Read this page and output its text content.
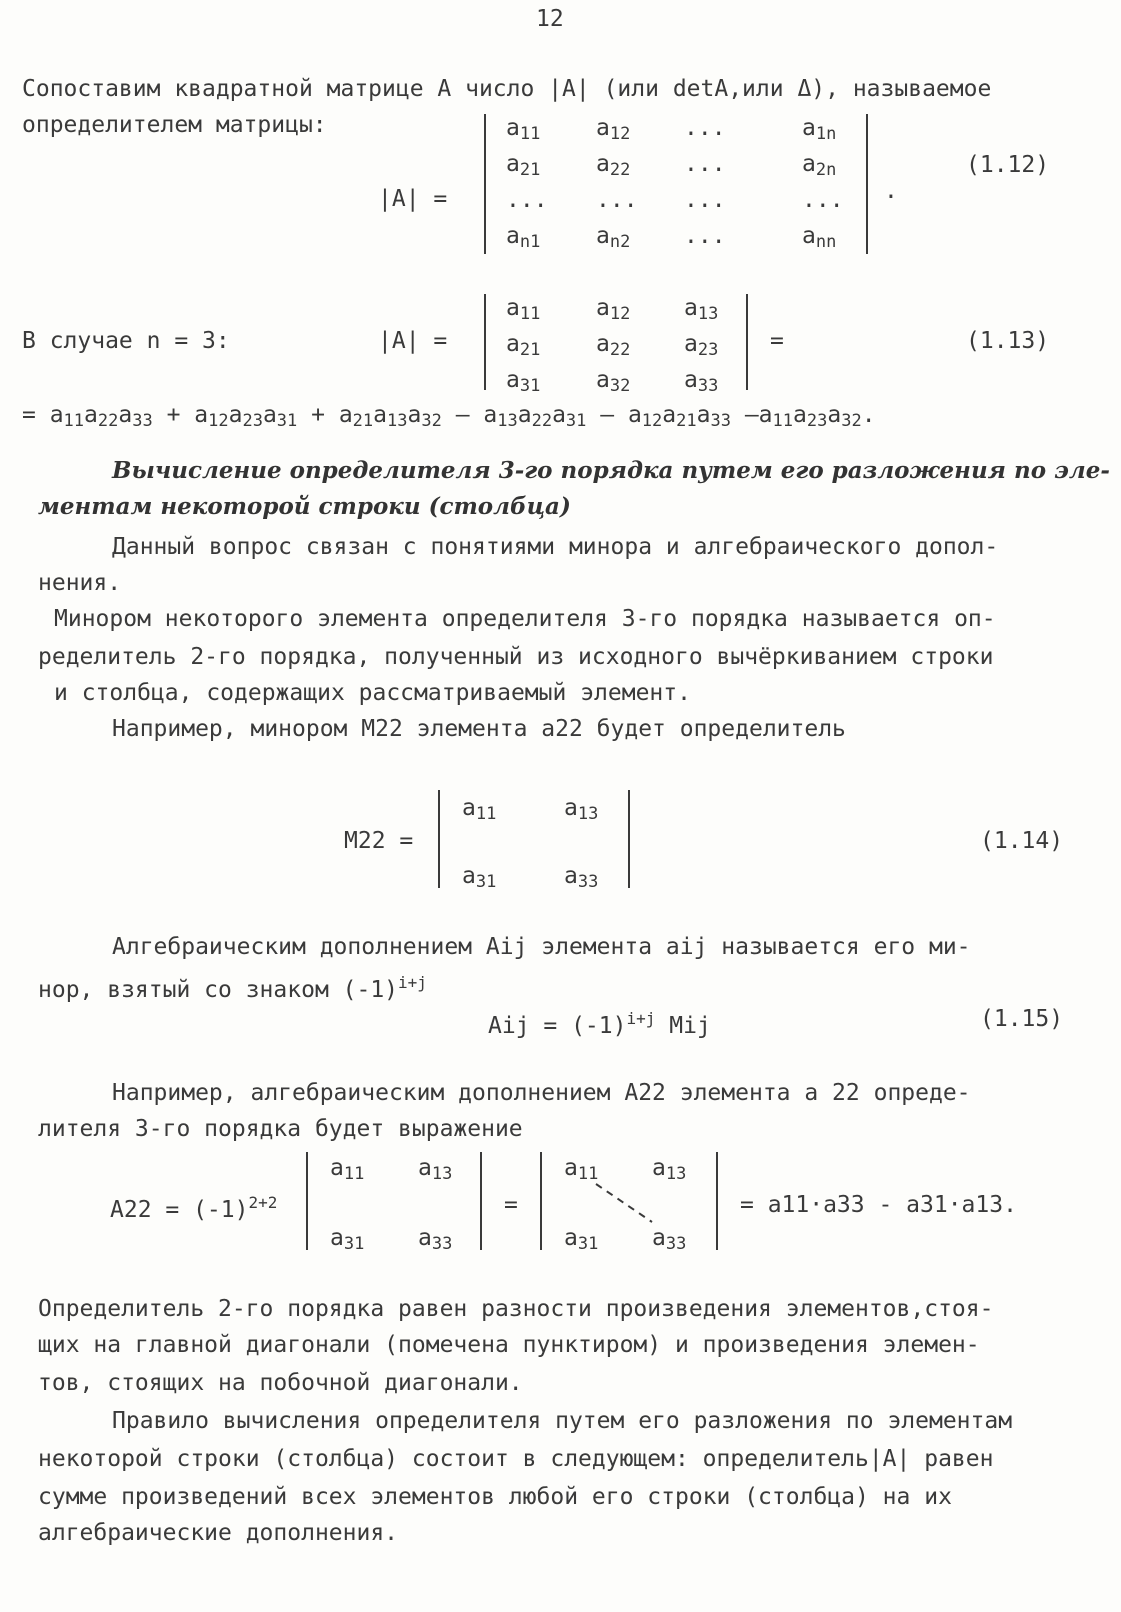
12
Сопоставим квадратной матрице A число |A| (или detA,или Δ), называемое
определителем матрицы:
|A| =
$a_{11}$ $a_{12}$ ...	$a_{1n}$
$a_{21}$ $a_{22}$ ...	$a_{2n}$
... ... ...	...
$a_{n1}$ $a_{n2}$ ...	$a_{nn}$
.
(1.12)
В случае n = 3:	|A| =
$a_{11}$ $a_{12}$ $a_{13}$
$a_{21}$ $a_{22}$ $a_{23}$
$a_{31}$ $a_{32}$ $a_{33}$
=	(1.13)
= $a_{11}a_{22}a_{33} + a_{12}a_{23}a_{31} + a_{21}a_{13}a_{32} - a_{13}a_{22}a_{31} - a_{12}a_{21}a_{33}$ $-a_{11}a_{23}a_{32}$.
Вычисление определителя 3-го порядка путем его разложения по эле-
ментам некоторой строки (столбца)
Данный вопрос связан с понятиями минора и алгебраического допол-
нения.
Минором некоторого элемента определителя 3-го порядка называется оп-
ределитель 2-го порядка, полученный из исходного вычёркиванием строки
и столбца, содержащих рассматриваемый элемент.
Например, минором M22 элемента a22 будет определитель
M22 =
$a_{11}$	$a_{13}$
$a_{31}$	$a_{33}$
(1.14)
Алгебраическим дополнением Aij элемента aij называется его ми-
нор, взятый со знаком $(-1)^{i+j}$
Aij = $(-1)^{i+j}$ Mij	(1.15)
Например, алгебраическим дополнением A22 элемента a 22 опреде-
лителя 3-го порядка будет выражение
$A22 = (-1)^{2+2}$
$a_{11}$ $a_{13}$
$a_{31}$ $a_{33}$
=
$a_{11}$ $a_{13}$
$a_{31}$ $a_{33}$
= a11·a33 - a31·a13.
Определитель 2-го порядка равен разности произведения элементов,стоя-
щих на главной диагонали (помечена пунктиром) и произведения элемен-
тов, стоящих на побочной диагонали.
Правило вычисления определителя путем его разложения по элементам
некоторой строки (столбца) состоит в следующем: определитель|A| равен
сумме произведений всех элементов любой его строки (столбца) на их
алгебраические дополнения.
